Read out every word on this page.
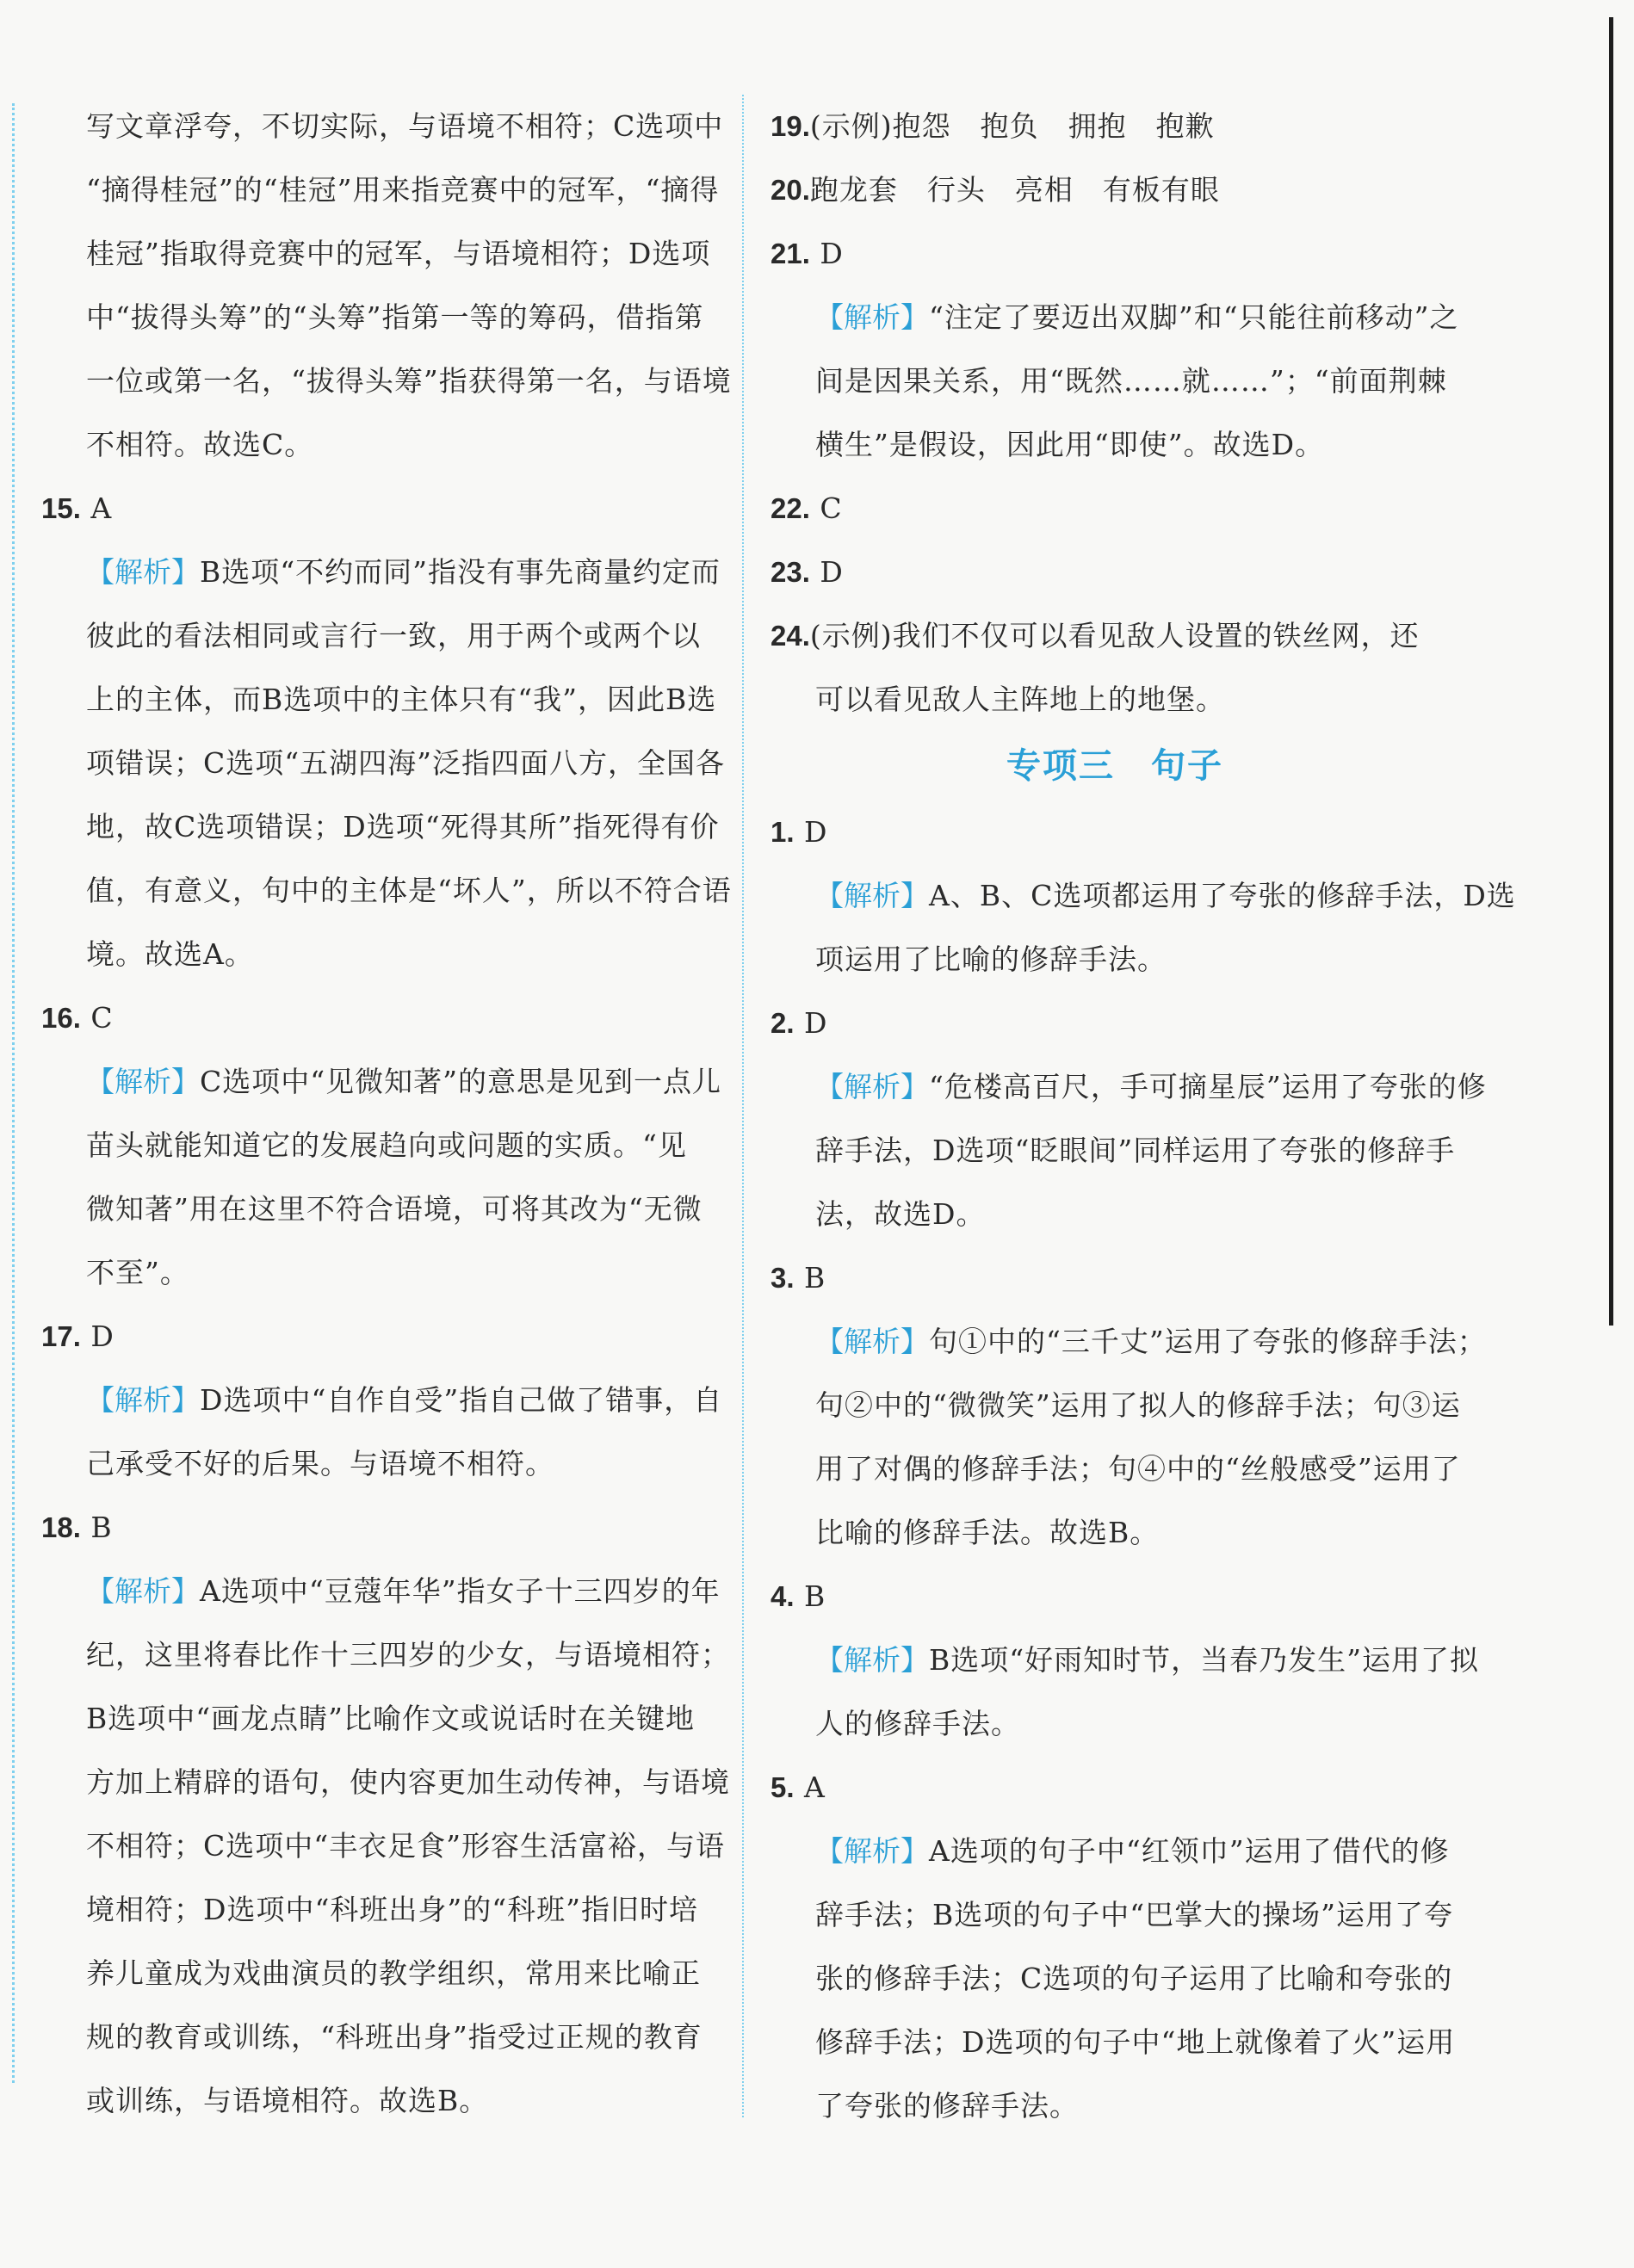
写文章浮夸，不切实际，与语境不相符；C选项中
“摘得桂冠”的“桂冠”用来指竞赛中的冠军，“摘得
桂冠”指取得竞赛中的冠军，与语境相符；D选项
中“拔得头筹”的“头筹”指第一等的筹码，借指第
一位或第一名，“拔得头筹”指获得第一名，与语境
不相符。故选C。
15. A
【解析】B选项“不约而同”指没有事先商量约定而
彼此的看法相同或言行一致，用于两个或两个以
上的主体，而B选项中的主体只有“我”，因此B选
项错误；C选项“五湖四海”泛指四面八方，全国各
地，故C选项错误；D选项“死得其所”指死得有价
值，有意义，句中的主体是“坏人”，所以不符合语
境。故选A。
16. C
【解析】C选项中“见微知著”的意思是见到一点儿
苗头就能知道它的发展趋向或问题的实质。“见
微知著”用在这里不符合语境，可将其改为“无微
不至”。
17. D
【解析】D选项中“自作自受”指自己做了错事，自
己承受不好的后果。与语境不相符。
18. B
【解析】A选项中“豆蔻年华”指女子十三四岁的年
纪，这里将春比作十三四岁的少女，与语境相符；
B选项中“画龙点睛”比喻作文或说话时在关键地
方加上精辟的语句，使内容更加生动传神，与语境
不相符；C选项中“丰衣足食”形容生活富裕，与语
境相符；D选项中“科班出身”的“科班”指旧时培
养儿童成为戏曲演员的教学组织，常用来比喻正
规的教育或训练，“科班出身”指受过正规的教育
或训练，与语境相符。故选B。
19.(示例)抱怨　抱负　拥抱　抱歉
20.跑龙套　行头　亮相　有板有眼
21. D
【解析】“注定了要迈出双脚”和“只能往前移动”之
间是因果关系，用“既然……就……”；“前面荆棘
横生”是假设，因此用“即使”。故选D。
22. C
23. D
24.(示例)我们不仅可以看见敌人设置的铁丝网，还
可以看见敌人主阵地上的地堡。
专项三　句子
1. D
【解析】A、B、C选项都运用了夸张的修辞手法，D选
项运用了比喻的修辞手法。
2. D
【解析】“危楼高百尺，手可摘星辰”运用了夸张的修
辞手法，D选项“眨眼间”同样运用了夸张的修辞手
法，故选D。
3. B
【解析】句①中的“三千丈”运用了夸张的修辞手法；
句②中的“微微笑”运用了拟人的修辞手法；句③运
用了对偶的修辞手法；句④中的“丝般感受”运用了
比喻的修辞手法。故选B。
4. B
【解析】B选项“好雨知时节，当春乃发生”运用了拟
人的修辞手法。
5. A
【解析】A选项的句子中“红领巾”运用了借代的修
辞手法；B选项的句子中“巴掌大的操场”运用了夸
张的修辞手法；C选项的句子运用了比喻和夸张的
修辞手法；D选项的句子中“地上就像着了火”运用
了夸张的修辞手法。
